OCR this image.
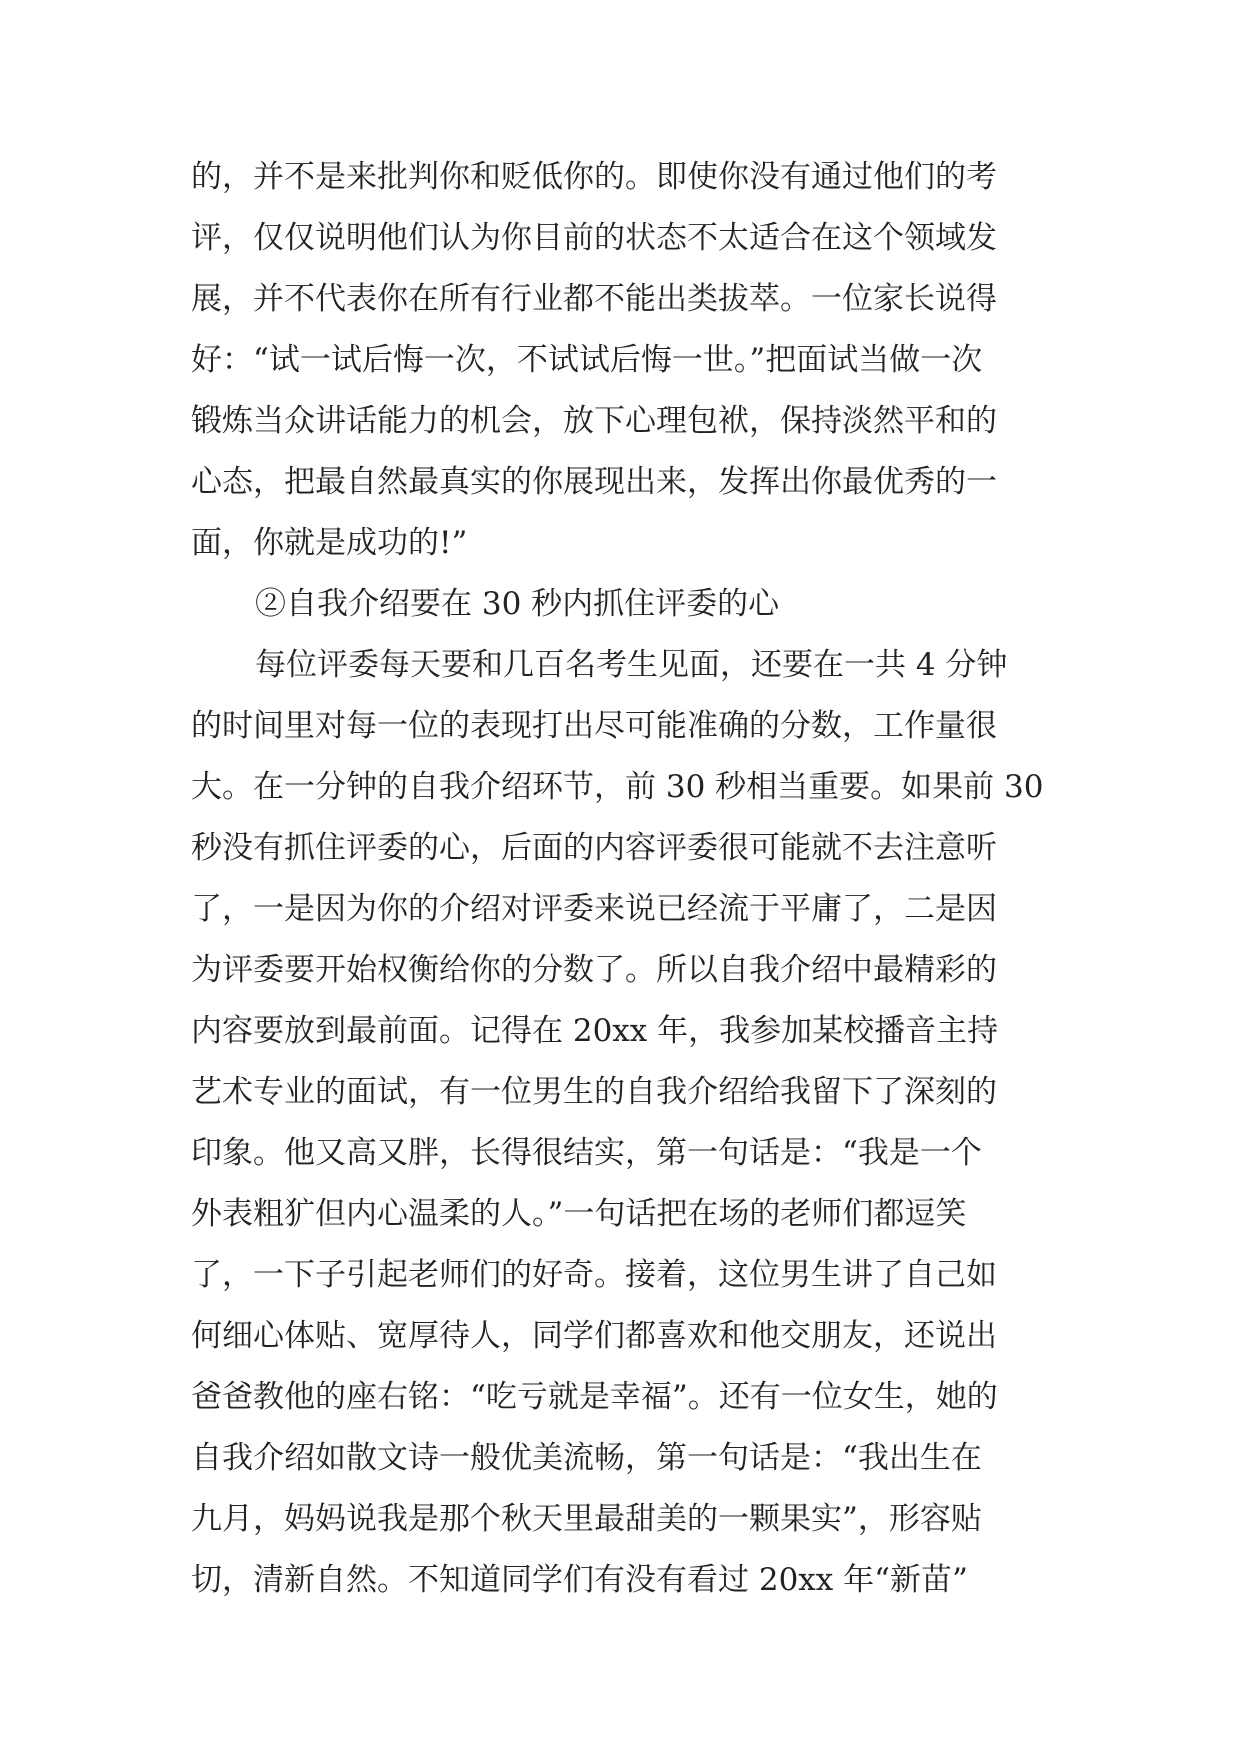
的，并不是来批判你和贬低你的。即使你没有通过他们的考
评，仅仅说明他们认为你目前的状态不太适合在这个领域发
展，并不代表你在所有行业都不能出类拔萃。一位家长说得
好：“试一试后悔一次，不试试后悔一世。”把面试当做一次
锻炼当众讲话能力的机会，放下心理包袱，保持淡然平和的
心态，把最自然最真实的你展现出来，发挥出你最优秀的一
面，你就是成功的!”
②自我介绍要在 30 秒内抓住评委的心
每位评委每天要和几百名考生见面，还要在一共 4 分钟
的时间里对每一位的表现打出尽可能准确的分数，工作量很
大。在一分钟的自我介绍环节，前 30 秒相当重要。如果前 30
秒没有抓住评委的心，后面的内容评委很可能就不去注意听
了，一是因为你的介绍对评委来说已经流于平庸了，二是因
为评委要开始权衡给你的分数了。所以自我介绍中最精彩的
内容要放到最前面。记得在 20xx 年，我参加某校播音主持
艺术专业的面试，有一位男生的自我介绍给我留下了深刻的
印象。他又高又胖，长得很结实，第一句话是：“我是一个
外表粗犷但内心温柔的人。”一句话把在场的老师们都逗笑
了，一下子引起老师们的好奇。接着，这位男生讲了自己如
何细心体贴、宽厚待人，同学们都喜欢和他交朋友，还说出
爸爸教他的座右铭：“吃亏就是幸福”。还有一位女生，她的
自我介绍如散文诗一般优美流畅，第一句话是：“我出生在
九月，妈妈说我是那个秋天里最甜美的一颗果实”，形容贴
切，清新自然。不知道同学们有没有看过 20xx 年“新苗”
